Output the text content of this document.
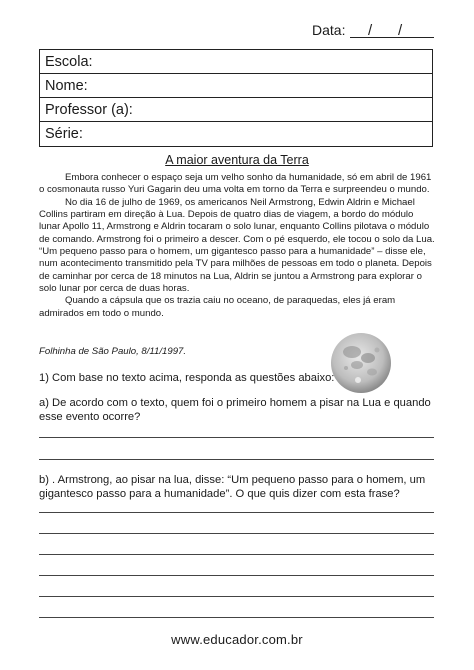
Data: / /
Escola:
Nome:
Professor (a):
Série:
A maior aventura da Terra

Embora conhecer o espaço seja um velho sonho da humanidade, só em abril de 1961 o cosmonauta russo Yuri Gagarin deu uma volta em torno da Terra e surpreendeu o mundo.

No dia 16 de julho de 1969, os americanos Neil Armstrong, Edwin Aldrin e Michael Collins partiram em direção à Lua. Depois de quatro dias de viagem, a bordo do módulo lunar Apollo 11, Armstrong e Aldrin tocaram o solo lunar, enquanto Collins pilotava o módulo de comando. Armstrong foi o primeiro a descer. Com o pé esquerdo, ele tocou o solo da Lua. “Um pequeno passo para o homem, um gigantesco passo para a humanidade” – disse ele, num acontecimento transmitido pela TV para milhões de pessoas em todo o planeta. Depois de caminhar por cerca de 18 minutos na Lua, Aldrin se juntou a Armstrong para explorar o solo lunar por cerca de duas horas.

Quando a cápsula que os trazia caiu no oceano, de paraquedas, eles já eram admirados em todo o mundo.

Folhinha de São Paulo, 8/11/1997.
1) Com base no texto acima, responda as questões abaixo:
a) De acordo com o texto, quem foi o primeiro homem a pisar na Lua e quando esse evento ocorre?
b) . Armstrong, ao pisar na lua, disse: “Um pequeno passo para o homem, um gigantesco passo para a humanidade”. O que quis dizer com esta frase?
www.educador.com.br
